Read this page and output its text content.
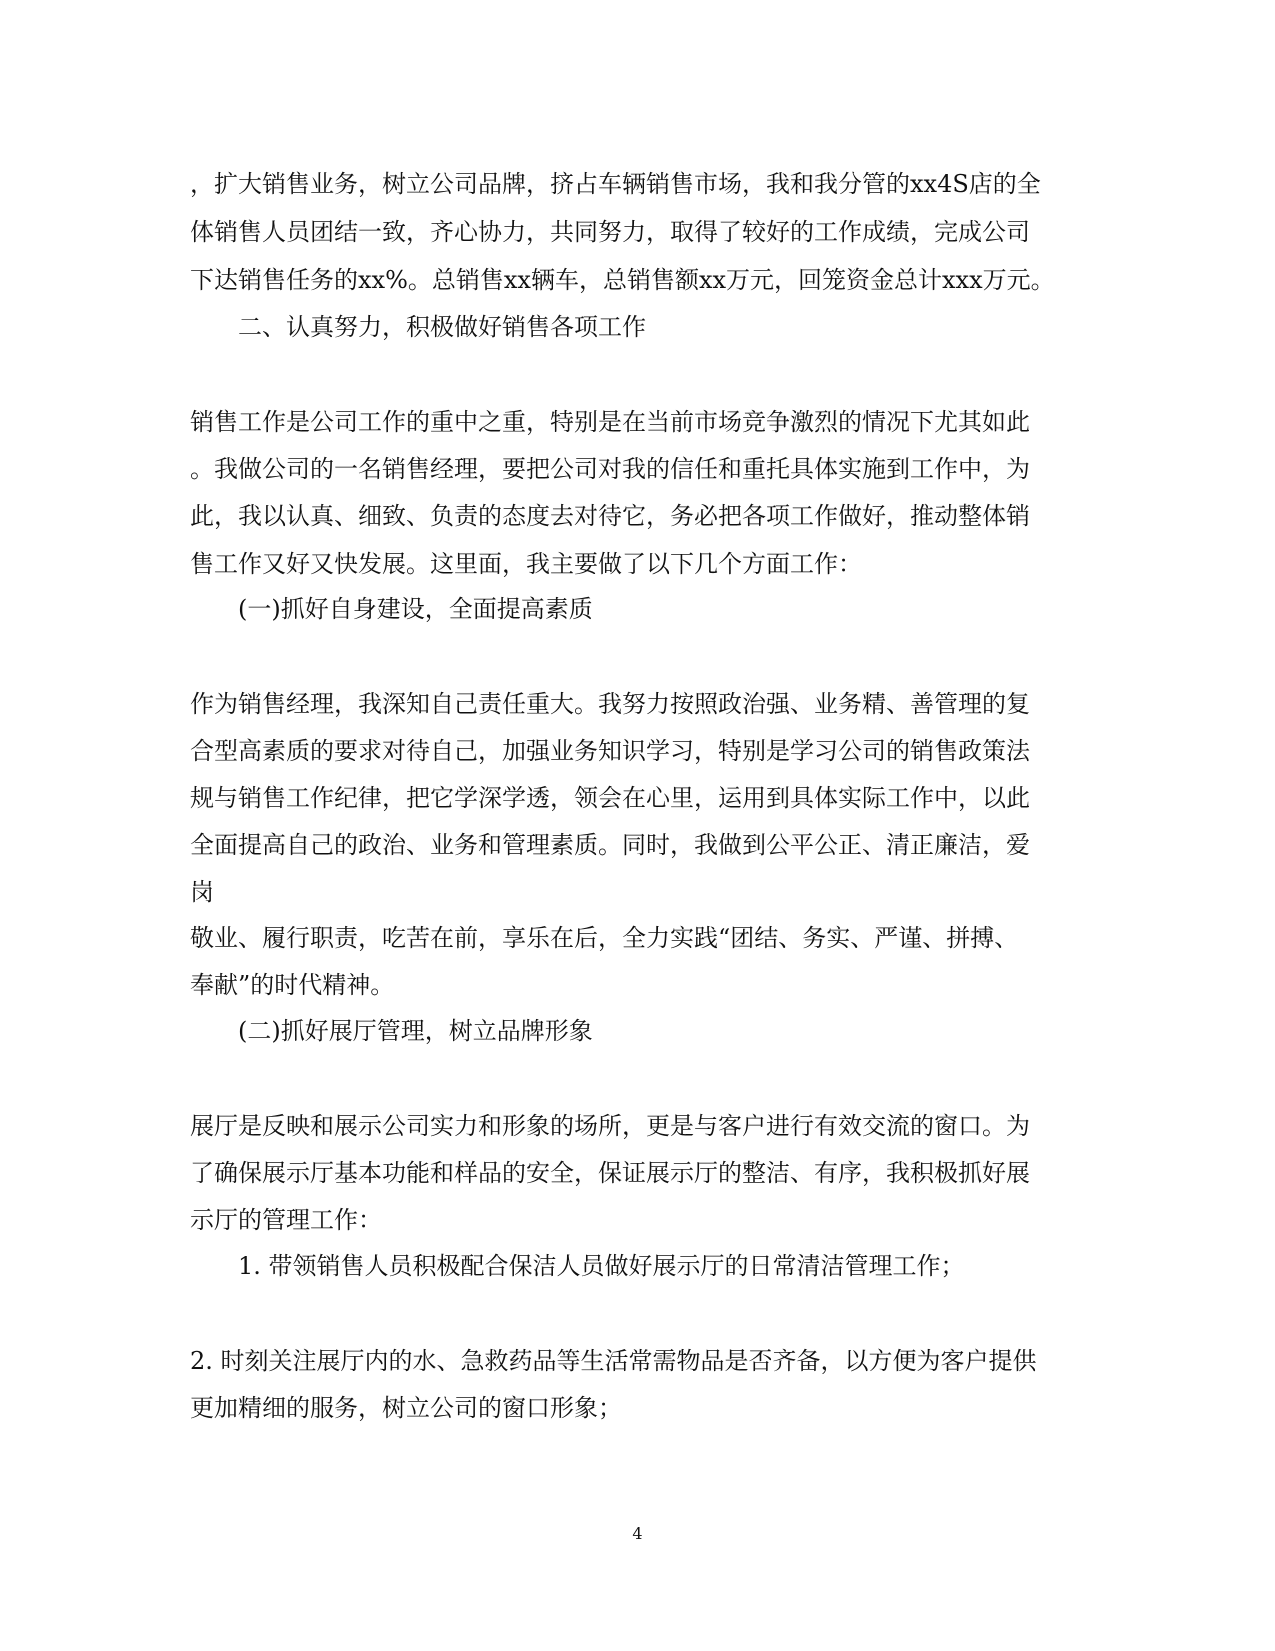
，扩大销售业务，树立公司品牌，挤占车辆销售市场，我和我分管的xx4S店的全
体销售人员团结一致，齐心协力，共同努力，取得了较好的工作成绩，完成公司
下达销售任务的xx%。总销售xx辆车，总销售额xx万元，回笼资金总计xxx万元。
二、认真努力，积极做好销售各项工作
销售工作是公司工作的重中之重，特别是在当前市场竞争激烈的情况下尤其如此
。我做公司的一名销售经理，要把公司对我的信任和重托具体实施到工作中，为
此，我以认真、细致、负责的态度去对待它，务必把各项工作做好，推动整体销
售工作又好又快发展。这里面，我主要做了以下几个方面工作：
(一)抓好自身建设，全面提高素质
作为销售经理，我深知自己责任重大。我努力按照政治强、业务精、善管理的复
合型高素质的要求对待自己，加强业务知识学习，特别是学习公司的销售政策法
规与销售工作纪律，把它学深学透，领会在心里，运用到具体实际工作中，以此
全面提高自己的政治、业务和管理素质。同时，我做到公平公正、清正廉洁，爱
岗
敬业、履行职责，吃苦在前，享乐在后，全力实践“团结、务实、严谨、拼搏、
奉献”的时代精神。
(二)抓好展厅管理，树立品牌形象
展厅是反映和展示公司实力和形象的场所，更是与客户进行有效交流的窗口。为
了确保展示厅基本功能和样品的安全，保证展示厅的整洁、有序，我积极抓好展
示厅的管理工作：
1. 带领销售人员积极配合保洁人员做好展示厅的日常清洁管理工作；
2. 时刻关注展厅内的水、急救药品等生活常需物品是否齐备，以方便为客户提供
更加精细的服务，树立公司的窗口形象；
4
